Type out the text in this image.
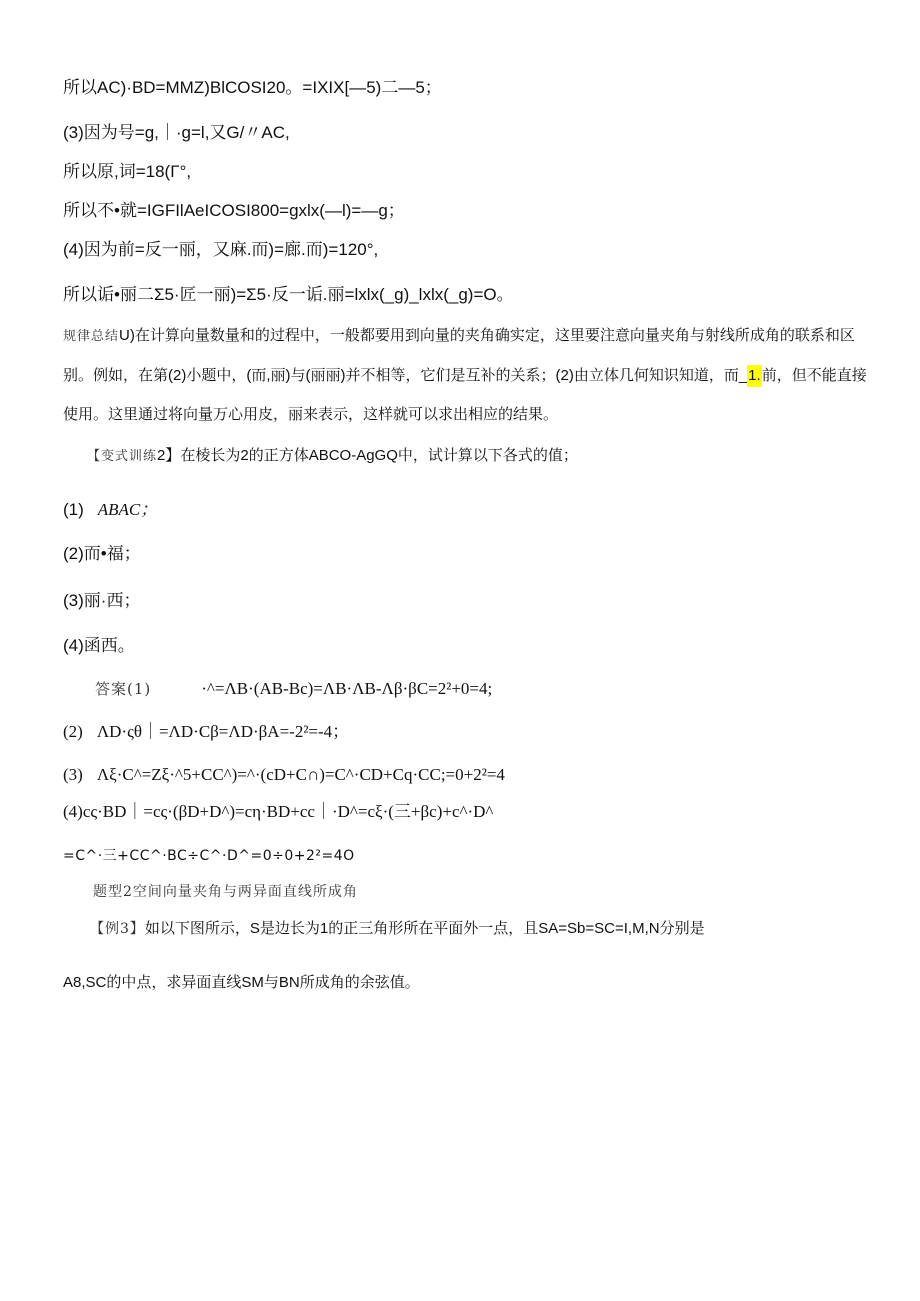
所以AC)·BD=MMZ)BlCOSI20。=IXIX[—5)二—5；
(3)因为号=g,｜·g=l,又G/〃AC,
所以原,词=18(Γ°,
所以不•就=IGFIlAeICOSI800=gxlx(—l)=—g；
(4)因为前=反一丽，又麻.而)=廊.而)=120°,
所以诟•丽二Σ5·匠一丽)=Σ5·反一诟.丽=lxlx(_g)_lxlx(_g)=O。
规律总结U)在计算向量数量和的过程中，一般都要用到向量的夹角确实定，这里要注意向量夹角与射线所成角的联系和区
别。例如，在第(2)小题中，(而,丽)与(丽丽)并不相等，它们是互补的关系；(2)由立体几何知识知道，而_1.前，但不能直接
使用。这里通过将向量万心用皮，丽来表示，这样就可以求出相应的结果。
【变式训练2】在棱长为2的正方体ABCO-AgGQ中，试计算以下各式的值；
(1) ABAC；
(2)而•福；
(3)丽·西；
(4)函西。
答案(1)	·^=ΛB·(AB-Bc)=ΛB·ΛB-Λβ·βC=2²+0=4;
(2) ΛD·ςθ｜=ΛD·Cβ=ΛD·βA=-2²=-4；
(3) Λξ·C^=Zξ·^5+CC^)=^·(cD+C∩)=C^·CD+Cq·CC;=0+2²=4
(4)cς·BD｜=cς·(βD+D^)=cη·BD+cc｜·D^=cξ·(三+βc)+c^·D^
=C^·三+CC^·BC÷C^·D^=0÷0+2²=4O
题型2空间向量夹角与两异面直线所成角
【例3】如以下图所示，S是边长为1的正三角形所在平面外一点，且SA=Sb=SC=I,M,N分别是
A8,SC的中点，求异面直线SM与BN所成角的余弦值。
